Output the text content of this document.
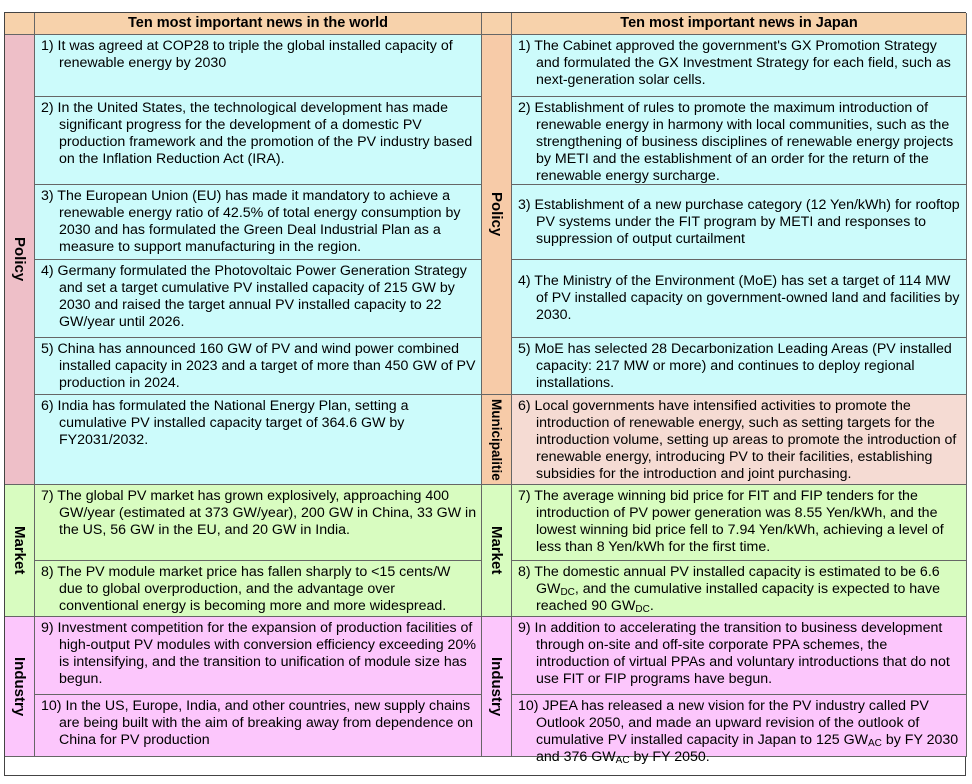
Ten most important news in the world	Ten most important news in Japan
Policy
Market
Industry
1) It was agreed at COP28 to triple the global installed capacity of renewable energy by 2030
2) In the United States, the technological development has made significant progress for the development of a domestic PV production framework and the promotion of the PV industry based on the Inflation Reduction Act (IRA).
3) The European Union (EU) has made it mandatory to achieve a renewable energy ratio of 42.5% of total energy consumption by 2030 and has formulated the Green Deal Industrial Plan as a measure to support manufacturing in the region.
4) Germany formulated the Photovoltaic Power Generation Strategy and set a target cumulative PV installed capacity of 215 GW by 2030 and raised the target annual PV installed capacity to 22 GW/year until 2026.
5) China has announced 160 GW of PV and wind power combined installed capacity in 2023 and a target of more than 450 GW of PV production in 2024.
6) India has formulated the National Energy Plan, setting a cumulative PV installed capacity target of 364.6 GW by FY2031/2032.
7) The global PV market has grown explosively, approaching 400 GW/year (estimated at 373 GW/year), 200 GW in China, 33 GW in the US, 56 GW in the EU, and 20 GW in India.
8) The PV module market price has fallen sharply to <15 cents/W due to global overproduction, and the advantage over conventional energy is becoming more and more widespread.
9) Investment competition for the expansion of production facilities of high-output PV modules with conversion efficiency exceeding 20% is intensifying, and the transition to unification of module size has begun.
10) In the US, Europe, India, and other countries, new supply chains are being built with the aim of breaking away from dependence on China for PV production
Policy
Municipalitie
Market
Industry
1) The Cabinet approved the government's GX Promotion Strategy and formulated the GX Investment Strategy for each field, such as next-generation solar cells.
2) Establishment of rules to promote the maximum introduction of renewable energy in harmony with local communities, such as the strengthening of business disciplines of renewable energy projects by METI and the establishment of an order for the return of the renewable energy surcharge.
3) Establishment of a new purchase category (12 Yen/kWh) for rooftop PV systems under the FIT program by METI and responses to suppression of output curtailment
4) The Ministry of the Environment (MoE) has set a target of 114 MW of PV installed capacity on government-owned land and facilities by 2030.
5) MoE has selected 28 Decarbonization Leading Areas (PV installed capacity: 217 MW or more) and continues to deploy regional installations.
6) Local governments have intensified activities to promote the introduction of renewable energy, such as setting targets for the introduction volume, setting up areas to promote the introduction of renewable energy, introducing PV to their facilities, establishing subsidies for the introduction and joint purchasing.
7) The average winning bid price for FIT and FIP tenders for the introduction of PV power generation was 8.55 Yen/kWh, and the lowest winning bid price fell to 7.94 Yen/kWh, achieving a level of less than 8 Yen/kWh for the first time.
8) The domestic annual PV installed capacity is estimated to be 6.6 $GW_{DC}$, and the cumulative installed capacity is expected to have reached 90 $GW_{DC}$.
9) In addition to accelerating the transition to business development through on-site and off-site corporate PPA schemes, the introduction of virtual PPAs and voluntary introductions that do not use FIT or FIP programs have begun.
10) JPEA has released a new vision for the PV industry called PV Outlook 2050, and made an upward revision of the outlook of cumulative PV installed capacity in Japan to 125 $GW_{AC}$ by FY 2030 and 376 $GW_{AC}$ by FY 2050.
